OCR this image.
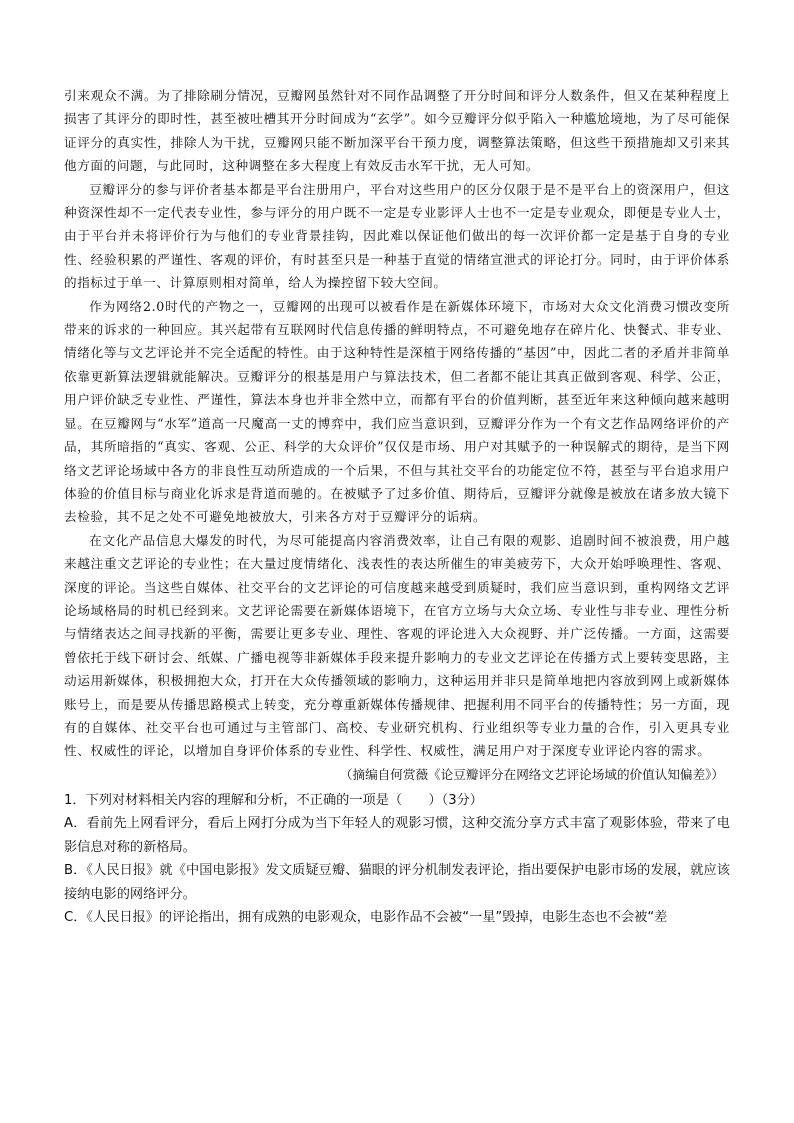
引来观众不满。为了排除刷分情况，豆瓣网虽然针对不同作品调整了开分时间和评分人数条件，但又在某种程度上损害了其评分的即时性，甚至被吐槽其开分时间成为“玄学”。如今豆瓣评分似乎陷入一种尴尬境地，为了尽可能保证评分的真实性，排除人为干扰，豆瓣网只能不断加深平台干预力度，调整算法策略，但这些干预措施却又引来其他方面的问题，与此同时，这种调整在多大程度上有效反击水军干扰，无人可知。

豆瓣评分的参与评价者基本都是平台注册用户，平台对这些用户的区分仅限于是不是平台上的资深用户，但这种资深性却不一定代表专业性，参与评分的用户既不一定是专业影评人士也不一定是专业观众，即便是专业人士，由于平台并未将评价行为与他们的专业背景挂钩，因此难以保证他们做出的每一次评价都一定是基于自身的专业性、经验积累的严谨性、客观的评价，有时甚至只是一种基于直觉的情绪宣泄式的评论打分。同时，由于评价体系的指标过于单一、计算原则相对简单，给人为操控留下较大空间。

作为网络2.0时代的产物之一，豆瓣网的出现可以被看作是在新媒体环境下，市场对大众文化消费习惯改变所带来的诉求的一种回应。其兴起带有互联网时代信息传播的鲜明特点，不可避免地存在碎片化、快餐式、非专业、情绪化等与文艺评论并不完全适配的特性。由于这种特性是深植于网络传播的“基因”中，因此二者的矛盾并非简单依靠更新算法逻辑就能解决。豆瓣评分的根基是用户与算法技术，但二者都不能让其真正做到客观、科学、公正，用户评价缺乏专业性、严谨性，算法本身也并非全然中立，而都有平台的价值判断，甚至近年来这种倾向越来越明显。在豆瓣网与“水军”道高一尺魔高一丈的博弈中，我们应当意识到，豆瓣评分作为一个有文艺作品网络评价的产品，其所暗指的“真实、客观、公正、科学的大众评价”仅仅是市场、用户对其赋予的一种误解式的期待，是当下网络文艺评论场域中各方的非良性互动所造成的一个后果，不但与其社交平台的功能定位不符，甚至与平台追求用户体验的价值目标与商业化诉求是背道而驰的。在被赋予了过多价值、期待后，豆瓣评分就像是被放在诸多放大镜下去检验，其不足之处不可避免地被放大，引来各方对于豆瓣评分的诟病。

在文化产品信息大爆发的时代，为尽可能提高内容消费效率，让自己有限的观影、追剧时间不被浪费，用户越来越注重文艺评论的专业性；在大量过度情绪化、浅表性的表达所催生的审美疲劳下，大众开始呼唤理性、客观、深度的评论。当这些自媒体、社交平台的文艺评论的可信度越来越受到质疑时，我们应当意识到，重构网络文艺评论场域格局的时机已经到来。文艺评论需要在新媒体语境下，在官方立场与大众立场、专业性与非专业、理性分析与情绪表达之间寻找新的平衡，需要让更多专业、理性、客观的评论进入大众视野、并广泛传播。一方面，这需要曾依托于线下研讨会、纸媒、广播电视等非新媒体手段来提升影响力的专业文艺评论在传播方式上要转变思路，主动运用新媒体，积极拥抱大众，打开在大众传播领域的影响力，这种运用并非只是简单地把内容放到网上或新媒体账号上，而是要从传播思路模式上转变，充分尊重新媒体传播规律、把握利用不同平台的传播特性；另一方面，现有的自媒体、社交平台也可通过与主管部门、高校、专业研究机构、行业组织等专业力量的合作，引入更具专业性、权威性的评论，以增加自身评价体系的专业性、科学性、权威性，满足用户对于深度专业评论内容的需求。

（摘编自何赏薇《论豆瓣评分在网络文艺评论场域的价值认知偏差》）

1．下列对材料相关内容的理解和分析，不正确的一项是（　　）（3分）

A．看前先上网看评分，看后上网打分成为当下年轻人的观影习惯，这种交流分享方式丰富了观影体验，带来了电影信息对称的新格局。

B．《人民日报》就《中国电影报》发文质疑豆瓣、猫眼的评分机制发表评论，指出要保护电影市场的发展，就应该接纳电影的网络评分。

C．《人民日报》的评论指出，拥有成熟的电影观众，电影作品不会被“一星”毁掉，电影生态也不会被“差
